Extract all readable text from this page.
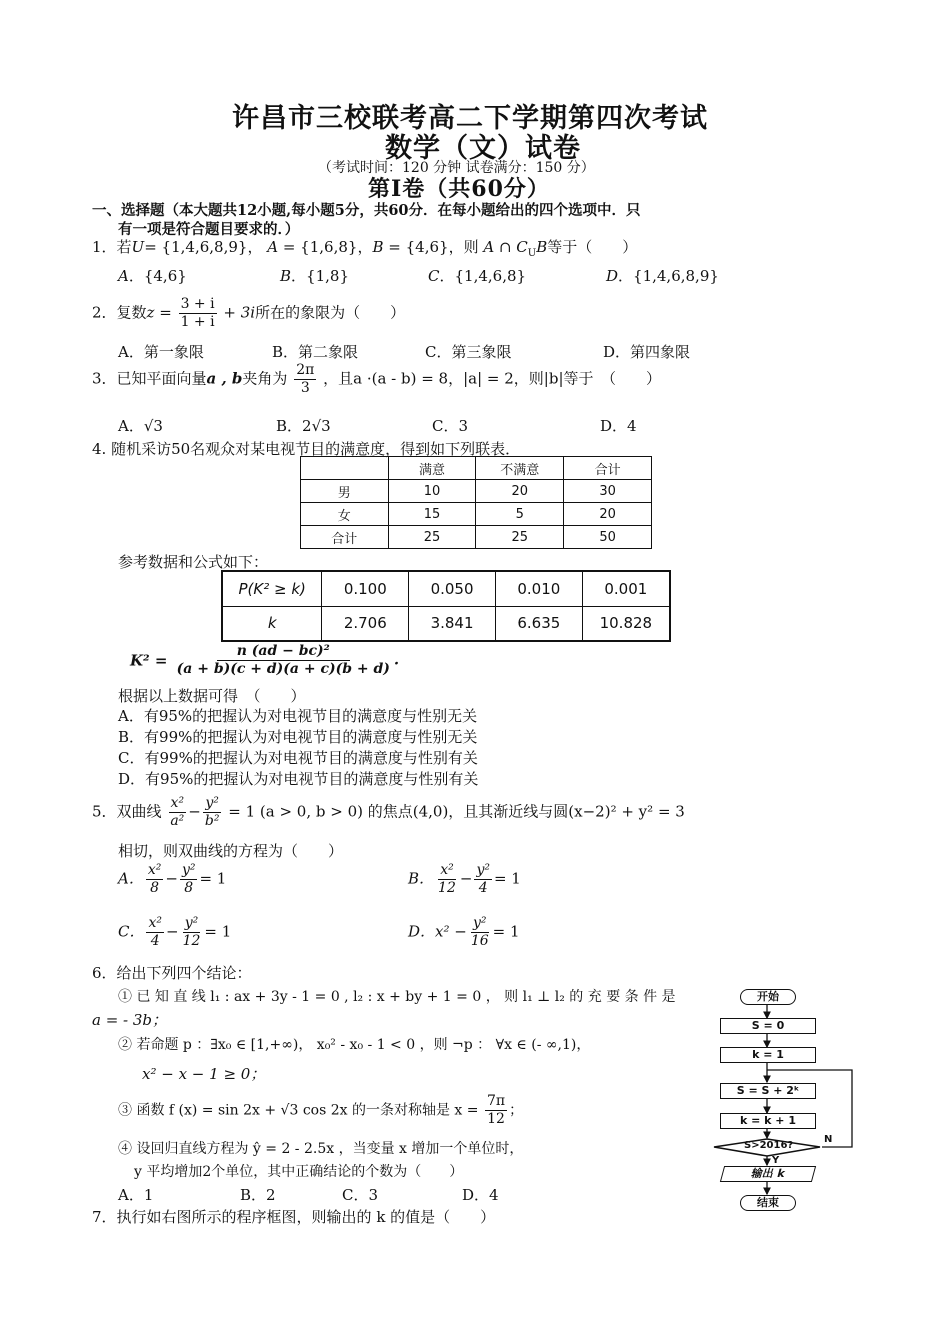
许昌市三校联考高二下学期第四次考试
数学（文）试卷
（考试时间：120 分钟 试卷满分：150 分）
第Ⅰ卷（共60分）
一、选择题（本大题共12小题,每小题5分，共60分．在每小题给出的四个选项中．只
有一项是符合题目要求的．）
1．若U= {1,4,6,8,9}， A = {1,6,8}，B = {4,6}，则 A ∩ $C_UB$等于（　　）
A．{4,6}	B．{1,8}	C．{1,4,6,8}	D．{1,4,6,8,9}
2．复数$z = \frac{3 + i}{1 + i} + 3i$所在的象限为（　　）
A．第一象限	B．第二象限	C．第三象限	D．第四象限
3．已知平面向量a , b夹角为 $\frac{2\pi}{3}$ ，且a ·(a - b) = 8，|a| = 2，则|b|等于　（　　）
A．√3	B．2√3	C．3	D．4
4. 随机采访50名观众对某电视节目的满意度，得到如下列联表．
	满意	不满意	合计
男	10	20	30
女	15	5	20
合计	25	25	50
参考数据和公式如下：
P(K² ≥ k)	0.100	0.050	0.010	0.001
k	2.706	3.841	6.635	10.828
$K^2 = \frac{\text{n (ad − bc)²}}{(a + b)(c + d)(a + c)(b + d)}$ .
根据以上数据可得　（　　）
A．有95%的把握认为对电视节目的满意度与性别无关
B．有99%的把握认为对电视节目的满意度与性别无关
C．有99%的把握认为对电视节目的满意度与性别有关
D．有95%的把握认为对电视节目的满意度与性别有关
5．双曲线 $\frac{\text{x²}}{\text{a²}} - \frac{\text{y²}}{\text{b²}} = 1$ (a > 0, b > 0) 的焦点(4,0)，且其渐近线与圆(x−2)² + y² = 3
相切，则双曲线的方程为（　　）
A． $\frac{\text{x²}}{8} - \frac{\text{y²}}{8} = 1$	B． $\frac{\text{x²}}{12} - \frac{\text{y²}}{4} = 1$
C． $\frac{\text{x²}}{4} - \frac{\text{y²}}{12} = 1$	D．$x^2 - \frac{\text{y²}}{16} = 1$
6．给出下列四个结论：
① 已 知 直 线 l₁ : ax + 3y - 1 = 0 , l₂ : x + by + 1 = 0 ， 则 l₁ ⊥ l₂ 的 充 要 条 件 是
a = - 3b；
② 若命题 p ：∃x₀ ∈ [1,+∞)， x₀² - x₀ - 1 < 0 ，则 ¬p ： ∀x ∈ (- ∞,1)，
x² − x − 1 ≥ 0；
③ 函数 f (x) = sin 2x + √3 cos 2x 的一条对称轴是 $x = \frac{7\pi}{12}$ ；
④ 设回归直线方程为 ŷ = 2 - 2.5x ，当变量 x 增加一个单位时，
y 平均增加2个单位，其中正确结论的个数为（　　）
A．1	B．2	C．3	D．4
7．执行如右图所示的程序框图，则输出的 k 的值是（　　）
开始
S = 0
k = 1
S = S + 2ᵏ
k = k + 1
S>2016?
Y
N
输出 k
结束
